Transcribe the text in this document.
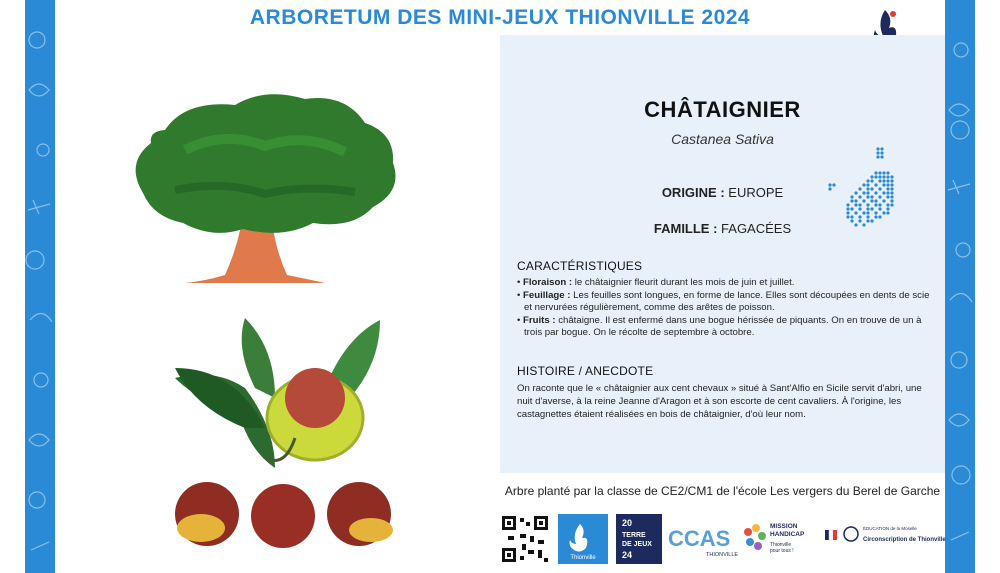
ARBORETUM DES MINI-JEUX THIONVILLE 2024
CHÂTAIGNIER
Castanea Sativa
ORIGINE : EUROPE
FAMILLE : FAGACÉES
CARACTÉRISTIQUES
• Floraison : le châtaignier fleurit durant les mois de juin et juillet.
• Feuillage : Les feuilles sont longues, en forme de lance. Elles sont découpées en dents de scie et nervurées régulièrement, comme des arêtes de poisson.
• Fruits : châtaigne. Il est enfermé dans une bogue hérissée de piquants. On en trouve de un à trois par bogue. On le récolte de septembre à octobre.
HISTOIRE / ANECDOTE
On raconte que le « châtaignier aux cent chevaux » situé à Sant'Alfio en Sicile servit d'abri, une nuit d'averse, à la reine Jeanne d'Aragon et à son escorte de cent cavaliers. À l'origine, les castagnettes étaient réalisées en bois de châtaignier, d'où leur nom.
Arbre planté par la classe de CE2/CM1 de l'école Les vergers du Berel de Garche
Thionville
20
TERRE
DE JEUX
24
CCAS
THIONVILLE
MISSION
HANDICAP
Thionville
pour tous !
ÉDUCATION de la Moselle
Circonscription de Thionville
